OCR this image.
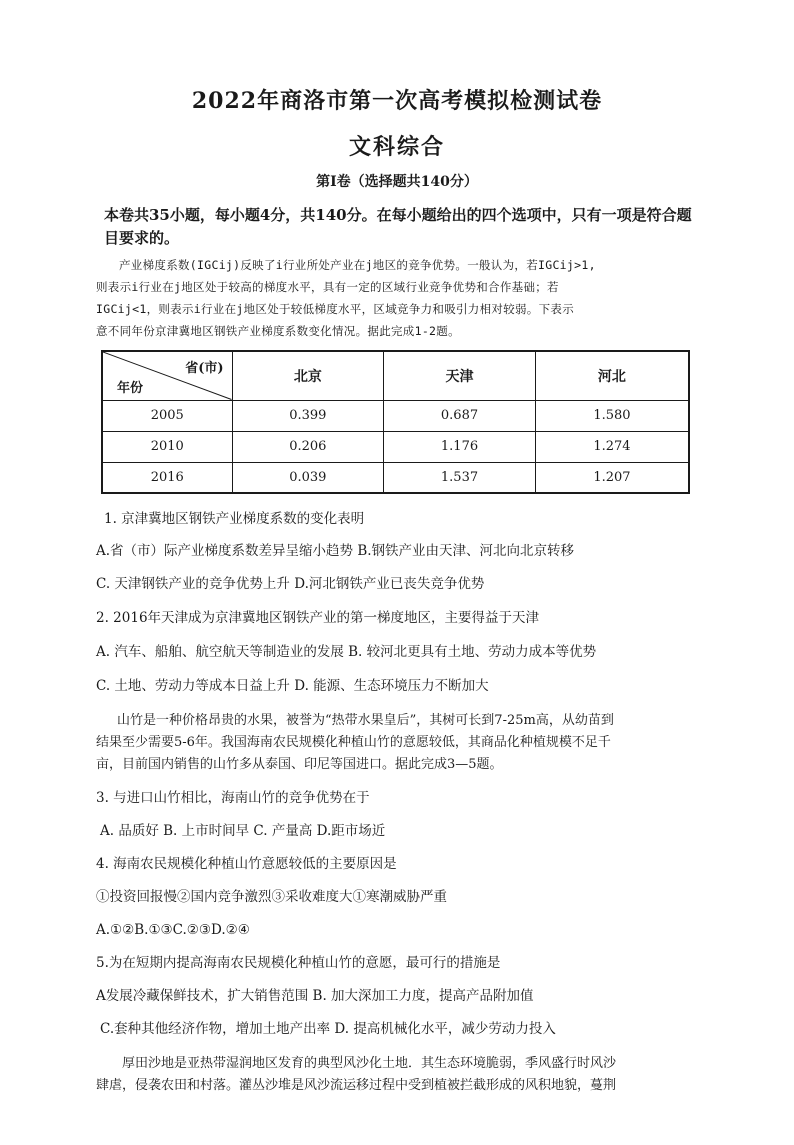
2022年商洛市第一次高考模拟检测试卷
文科综合
第Ⅰ卷（选择题共140分）
本卷共35小题，每小题4分，共140分。在每小题给出的四个选项中，只有一项是符合题目要求的。
产业梯度系数(IGCij)反映了i行业所处产业在j地区的竞争优势。一般认为，若IGCij>1,
则表示i行业在j地区处于较高的梯度水平，具有一定的区域行业竞争优势和合作基础；若
IGCij<1，则表示i行业在j地区处于较低梯度水平，区域竞争力和吸引力相对较弱。下表示
意不同年份京津冀地区钢铁产业梯度系数变化情况。据此完成1-2题。
省(市)
年份	北京	天津	河北
2005	0.399	0.687	1.580
2010	0.206	1.176	1.274
2016	0.039	1.537	1.207
1. 京津冀地区钢铁产业梯度系数的变化表明
A.省（市）际产业梯度系数差异呈缩小趋势 B.钢铁产业由天津、河北向北京转移
C. 天津钢铁产业的竞争优势上升 D.河北钢铁产业已丧失竞争优势
2. 2016年天津成为京津冀地区钢铁产业的第一梯度地区，主要得益于天津
A. 汽车、船舶、航空航天等制造业的发展 B. 较河北更具有土地、劳动力成本等优势
C. 土地、劳动力等成本日益上升 D. 能源、生态环境压力不断加大
山竹是一种价格昂贵的水果，被誉为“热带水果皇后”，其树可长到7-25m高，从幼苗到
结果至少需要5-6年。我国海南农民规模化种植山竹的意愿较低，其商品化种植规模不足千
亩，目前国内销售的山竹多从泰国、印尼等国进口。据此完成3—5题。
3. 与进口山竹相比，海南山竹的竞争优势在于
A. 品质好 B. 上市时间早 C. 产量高 D.距市场近
4. 海南农民规模化种植山竹意愿较低的主要原因是
①投资回报慢②国内竞争激烈③采收难度大①寒潮威胁严重
A.①②B.①③C.②③D.②④
5.为在短期内提高海南农民规模化种植山竹的意愿，最可行的措施是
A发展冷藏保鲜技术，扩大销售范围 B. 加大深加工力度，提高产品附加值
C.套种其他经济作物，增加土地产出率 D. 提高机械化水平，减少劳动力投入
厚田沙地是亚热带湿润地区发育的典型风沙化土地．其生态环境脆弱，季风盛行时风沙
肆虐，侵袭农田和村落。灌丛沙堆是风沙流运移过程中受到植被拦截形成的风积地貌，蔓荆
